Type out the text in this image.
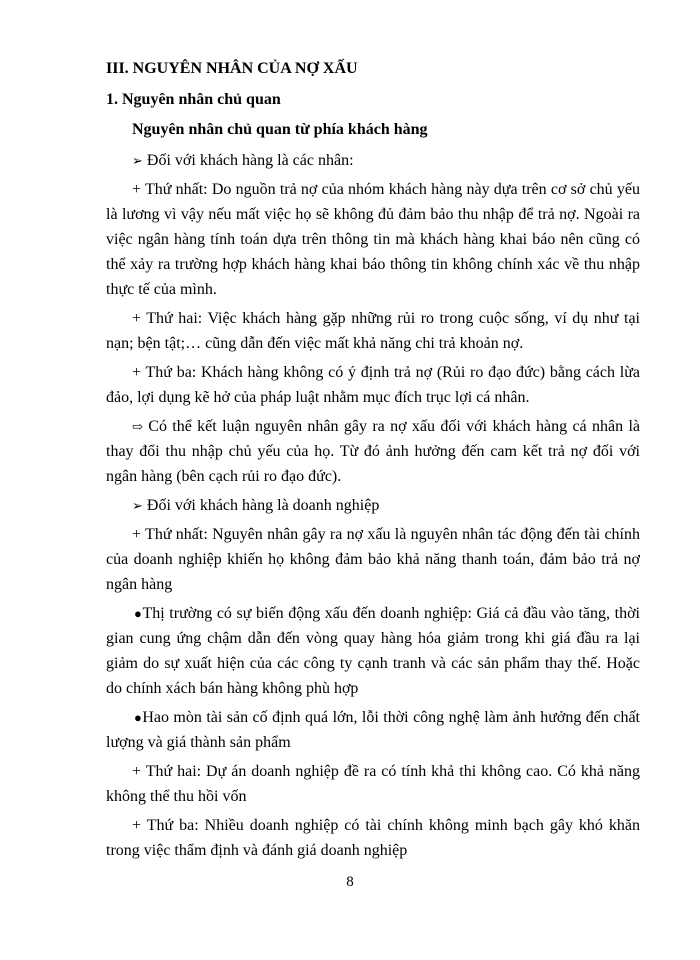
III. NGUYÊN NHÂN CỦA NỢ XẤU

1. Nguyên nhân chủ quan

Nguyên nhân chủ quan từ phía khách hàng

➢ Đối với khách hàng là các nhân:

+ Thứ nhất: Do nguồn trả nợ của nhóm khách hàng này dựa trên cơ sở chủ yếu là lương vì vậy nếu mất việc họ sẽ không đủ đảm bảo thu nhập để trả nợ. Ngoài ra việc ngân hàng tính toán dựa trên thông tin mà khách hàng khai báo nên cũng có thể xảy ra trường hợp khách hàng khai báo thông tin không chính xác về thu nhập thực tế của mình.

+ Thứ hai: Việc khách hàng gặp những rủi ro trong cuộc sống, ví dụ như tại nạn; bện tật;… cũng dẫn đến việc mất khả năng chi trả khoản nợ.

+ Thứ ba: Khách hàng không có ý định trả nợ (Rủi ro đạo đức) bằng cách lừa đảo, lợi dụng kẽ hở của pháp luật nhằm mục đích trục lợi cá nhân.

⇨ Có thể kết luận nguyên nhân gây ra nợ xấu đối với khách hàng cá nhân là thay đổi thu nhập chủ yếu của họ. Từ đó ảnh hưởng đến cam kết trả nợ đối với ngân hàng (bên cạch rủi ro đạo đức).

➢ Đối với khách hàng là doanh nghiệp

+ Thứ nhất: Nguyên nhân gây ra nợ xấu là nguyên nhân tác động đến tài chính của doanh nghiệp khiến họ không đảm bảo khả năng thanh toán, đảm bảo trả nợ ngân hàng

●Thị trường có sự biến động xấu đến doanh nghiệp: Giá cả đầu vào tăng, thời gian cung ứng chậm dẫn đến vòng quay hàng hóa giảm trong khi giá đầu ra lại giảm do sự xuất hiện của các công ty cạnh tranh và các sản phẩm thay thế. Hoặc do chính xách bán hàng không phù hợp

●Hao mòn tài sản cố định quá lớn, lỗi thời công nghệ làm ảnh hưởng đến chất lượng và giá thành sản phẩm

+ Thứ hai: Dự án doanh nghiệp đề ra có tính khả thi không cao. Có khả năng không thể thu hồi vốn

+ Thứ ba: Nhiều doanh nghiệp có tài chính không minh bạch gây khó khăn trong việc thẩm định và đánh giá doanh nghiệp

8
